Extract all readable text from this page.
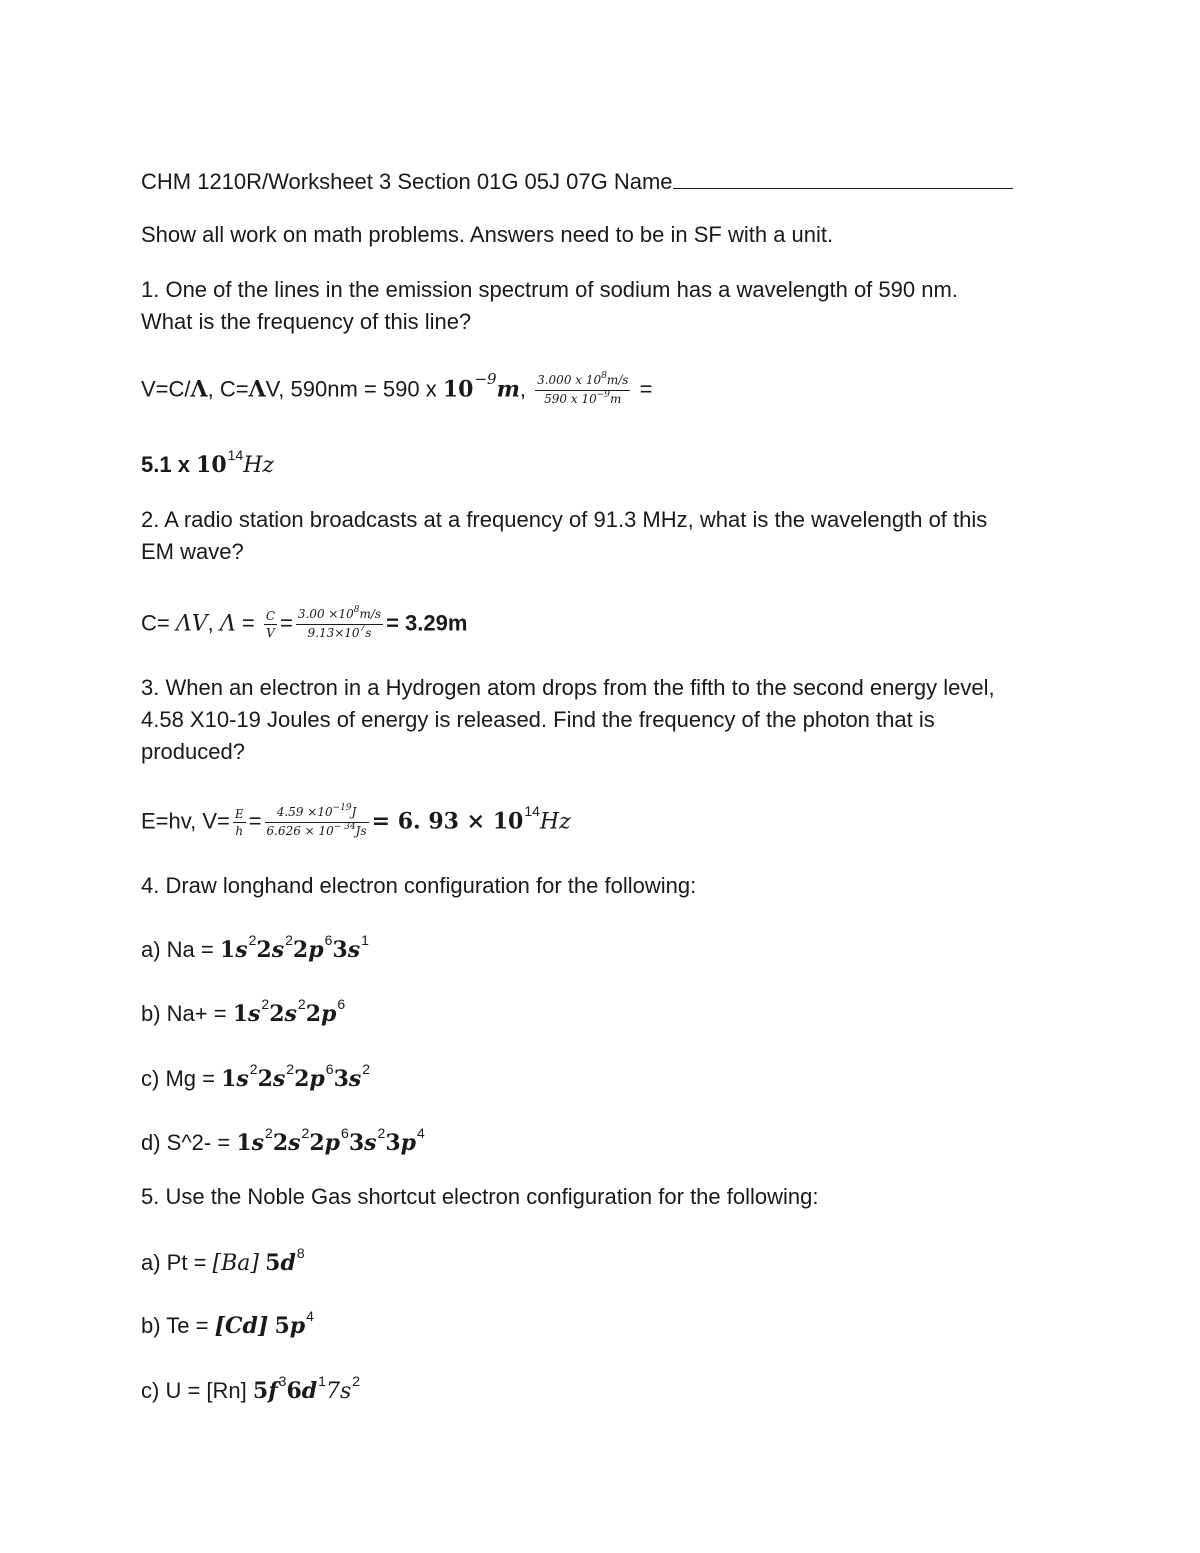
CHM 1210R/Worksheet 3 Section 01G 05J 07G Name
Show all work on math problems. Answers need to be in SF with a unit.
1. One of the lines in the emission spectrum of sodium has a wavelength of 590 nm.
What is the frequency of this line?
V=C/Λ, C=ΛV, 590nm = 590 x $10^{-9}m$, $\frac{3.000 x 10^8m/s}{590 x 10^{-9}m}$ =
5.1 x $10^{14}Hz$
2. A radio station broadcasts at a frequency of 91.3 MHz, what is the wavelength of this
EM wave?
C= ΛV, $\Lambda = \frac{C}{V} = \frac{3.00 \times 10^8m/s}{9.13\times 10^7s} = 3.29m$
3. When an electron in a Hydrogen atom drops from the fifth to the second energy level,
4.58 X10-19 Joules of energy is released. Find the frequency of the photon that is
produced?
E=hv, $V= \frac{E}{h} = \frac{4.59 \times 10^{-19}J}{6.626 \times 10^{- 34}Js} = 6$. $93 \times 10^{14}Hz$
4. Draw longhand electron configuration for the following:
a) $Na = 1s^22s^22p^63s^1$
b) $Na+ = 1s^22s^22p^6$
c) $Mg = 1s^22s^22p^63s^2$
d) S^2- = $1s^22s^22p^63s^23p^4$
5. Use the Noble Gas shortcut electron configuration for the following:
a) Pt = [Ba] $5d^8$
b) Te = [Cd] $5p^4$
c) U = [Rn] $5f^36d^17s^2$
